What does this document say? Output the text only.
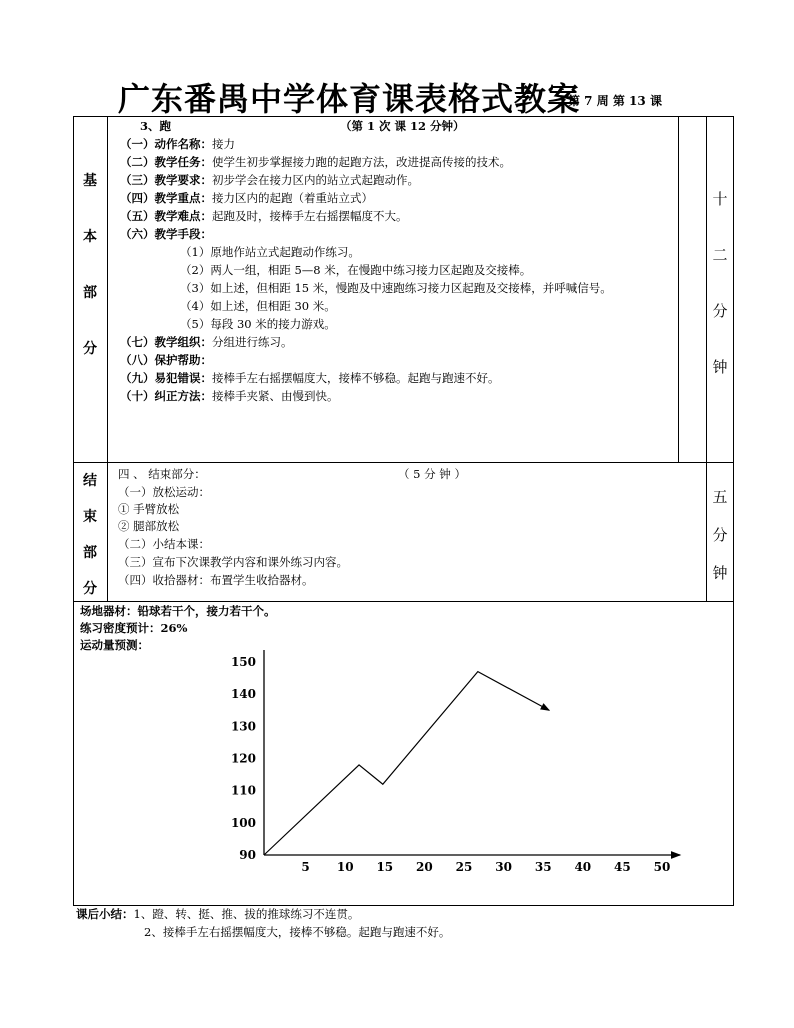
广东番禺中学体育课表格式教案
第 7 周 第 13 课
基
本
部
分
十
二
分
钟
3、跑	（第 1 次 课 12 分钟）
（一）动作名称：接力
（二）教学任务：使学生初步掌握接力跑的起跑方法，改进提高传接的技术。
（三）教学要求：初步学会在接力区内的站立式起跑动作。
（四）教学重点：接力区内的起跑（着重站立式）
（五）教学难点：起跑及时，接棒手左右摇摆幅度不大。
（六）教学手段：
（1）原地作站立式起跑动作练习。
（2）两人一组，相距 5—8 米，在慢跑中练习接力区起跑及交接棒。
（3）如上述，但相距 15 米，慢跑及中速跑练习接力区起跑及交接棒，并呼喊信号。
（4）如上述，但相距 30 米。
（5）每段 30 米的接力游戏。
（七）教学组织：分组进行练习。
（八）保护帮助：
（九）易犯错误：接棒手左右摇摆幅度大，接棒不够稳。起跑与跑速不好。
（十）纠正方法：接棒手夹紧、由慢到快。
结
束
部
分
五
分
钟
四 、 结束部分：	（ 5 分 钟 ）
（一）放松运动：
① 手臂放松
② 腿部放松
（二）小结本课：
（三）宣布下次课教学内容和课外练习内容。
（四）收拾器材：布置学生收拾器材。
场地器材：铅球若干个，接力若干个。
练习密度预计：26%
运动量预测：
90
100
110
120
130
140
150
5 10 15 20 25 30 35 40 45 50
课后小结：1、蹬、转、挺、推、拔的推球练习不连贯。
2、接棒手左右摇摆幅度大，接棒不够稳。起跑与跑速不好。
